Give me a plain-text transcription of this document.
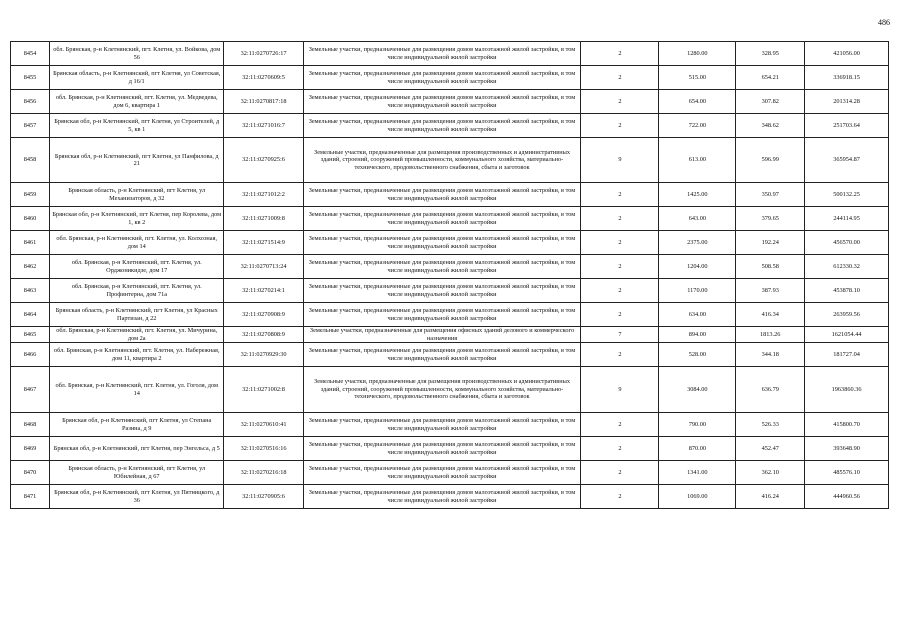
486
8454	обл. Брянская, р-н Клетнянский, пгт. Клетня, ул. Войкова, дом 56	32:11:0270726:17	Земельные участки, предназначенные для размещения домов малоэтажной жилой застройки, в том числе индивидуальной жилой застройки	2	1280.00	328.95	421056.00
8455	Брянская область, р-н Клетнянский, пгт Клетня, ул Советская, д 16/1	32:11:0270609:5	Земельные участки, предназначенные для размещения домов малоэтажной жилой застройки, в том числе индивидуальной жилой застройки	2	515.00	654.21	336918.15
8456	обл. Брянская, р-н Клетнянский, пгт. Клетня, ул. Медведева, дом 6, квартира 1	32:11:0270817:18	Земельные участки, предназначенные для размещения домов малоэтажной жилой застройки, в том числе индивидуальной жилой застройки	2	654.00	307.82	201314.28
8457	Брянская обл, р-н Клетнянский, пгт Клетня, ул Строителей, д 5, кв 1	32:11:0271016:7	Земельные участки, предназначенные для размещения домов малоэтажной жилой застройки, в том числе индивидуальной жилой застройки	2	722.00	348.62	251703.64
8458	Брянская обл, р-н Клетнянский, пгт Клетня, ул Панфилова, д 21	32:11:0270925:6	Земельные участки, предназначенные для размещения производственных и административных зданий, строений, сооружений промышленности, коммунального хозяйства, материально-технического, продовольственного снабжения, сбыта и заготовок	9	613.00	596.99	365954.87
8459	Брянская область, р-н Клетнянский, пгт Клетня, ул Механизаторов, д 32	32:11:0271012:2	Земельные участки, предназначенные для размещения домов малоэтажной жилой застройки, в том числе индивидуальной жилой застройки	2	1425.00	350.97	500132.25
8460	Брянская обл, р-н Клетнянский, пгт Клетня, пер Королева, дом 1, кв 2	32:11:0271009:8	Земельные участки, предназначенные для размещения домов малоэтажной жилой застройки, в том числе индивидуальной жилой застройки	2	643.00	379.65	244114.95
8461	обл. Брянская, р-н Клетнянский, пгт. Клетня, ул. Колхозная, дом 14	32:11:0271514:9	Земельные участки, предназначенные для размещения домов малоэтажной жилой застройки, в том числе индивидуальной жилой застройки	2	2375.00	192.24	456570.00
8462	обл. Брянская, р-н Клетнянский, пгт. Клетня, ул. Орджоникидзе, дом 17	32:11:0270713:24	Земельные участки, предназначенные для размещения домов малоэтажной жилой застройки, в том числе индивидуальной жилой застройки	2	1204.00	508.58	612330.32
8463	обл. Брянская, р-н Клетнянский, пгт. Клетня, ул. Профинтерна, дом 71а	32:11:0270214:1	Земельные участки, предназначенные для размещения домов малоэтажной жилой застройки, в том числе индивидуальной жилой застройки	2	1170.00	387.93	453878.10
8464	Брянская область, р-н Клетнянский, пгт Клетня, ул Красных Партизан, д 22	32:11:0270908:9	Земельные участки, предназначенные для размещения домов малоэтажной жилой застройки, в том числе индивидуальной жилой застройки	2	634.00	416.34	263959.56
8465	обл. Брянская, р-н Клетнянский, пгт. Клетня, ул. Мичурина, дом 2а	32:11:0270808:9	Земельные участки, предназначенные для размещения офисных зданий делового и коммерческого назначения	7	894.00	1813.26	1621054.44
8466	обл. Брянская, р-н Клетнянский, пгт. Клетня, ул. Набережная, дом 11, квартира 2	32:11:0270929:30	Земельные участки, предназначенные для размещения домов малоэтажной жилой застройки, в том числе индивидуальной жилой застройки	2	528.00	344.18	181727.04
8467	обл. Брянская, р-н Клетнянский, пгт. Клетня, ул. Гоголя, дом 14	32:11:0271002:8	Земельные участки, предназначенные для размещения производственных и административных зданий, строений, сооружений промышленности, коммунального хозяйства, материально-технического, продовольственного снабжения, сбыта и заготовок	9	3084.00	636.79	1963860.36
8468	Брянская обл, р-н Клетнянский, пгт Клетня, ул Степана Разина, д 9	32:11:0270610:41	Земельные участки, предназначенные для размещения домов малоэтажной жилой застройки, в том числе индивидуальной жилой застройки	2	790.00	526.33	415800.70
8469	Брянская обл, р-н Клетнянский, пгт Клетня, пер Энгельса, д 5	32:11:0270516:16	Земельные участки, предназначенные для размещения домов малоэтажной жилой застройки, в том числе индивидуальной жилой застройки	2	870.00	452.47	393648.90
8470	Брянская область, р-н Клетнянский, пгт Клетня, ул Юбилейная, д 67	32:11:0270216:18	Земельные участки, предназначенные для размещения домов малоэтажной жилой застройки, в том числе индивидуальной жилой застройки	2	1341.00	362.10	485576.10
8471	Брянская обл, р-н Клетнянский, пгт Клетня, ул Пятницкого, д 36	32:11:0270905:6	Земельные участки, предназначенные для размещения домов малоэтажной жилой застройки, в том числе индивидуальной жилой застройки	2	1069.00	416.24	444960.56
